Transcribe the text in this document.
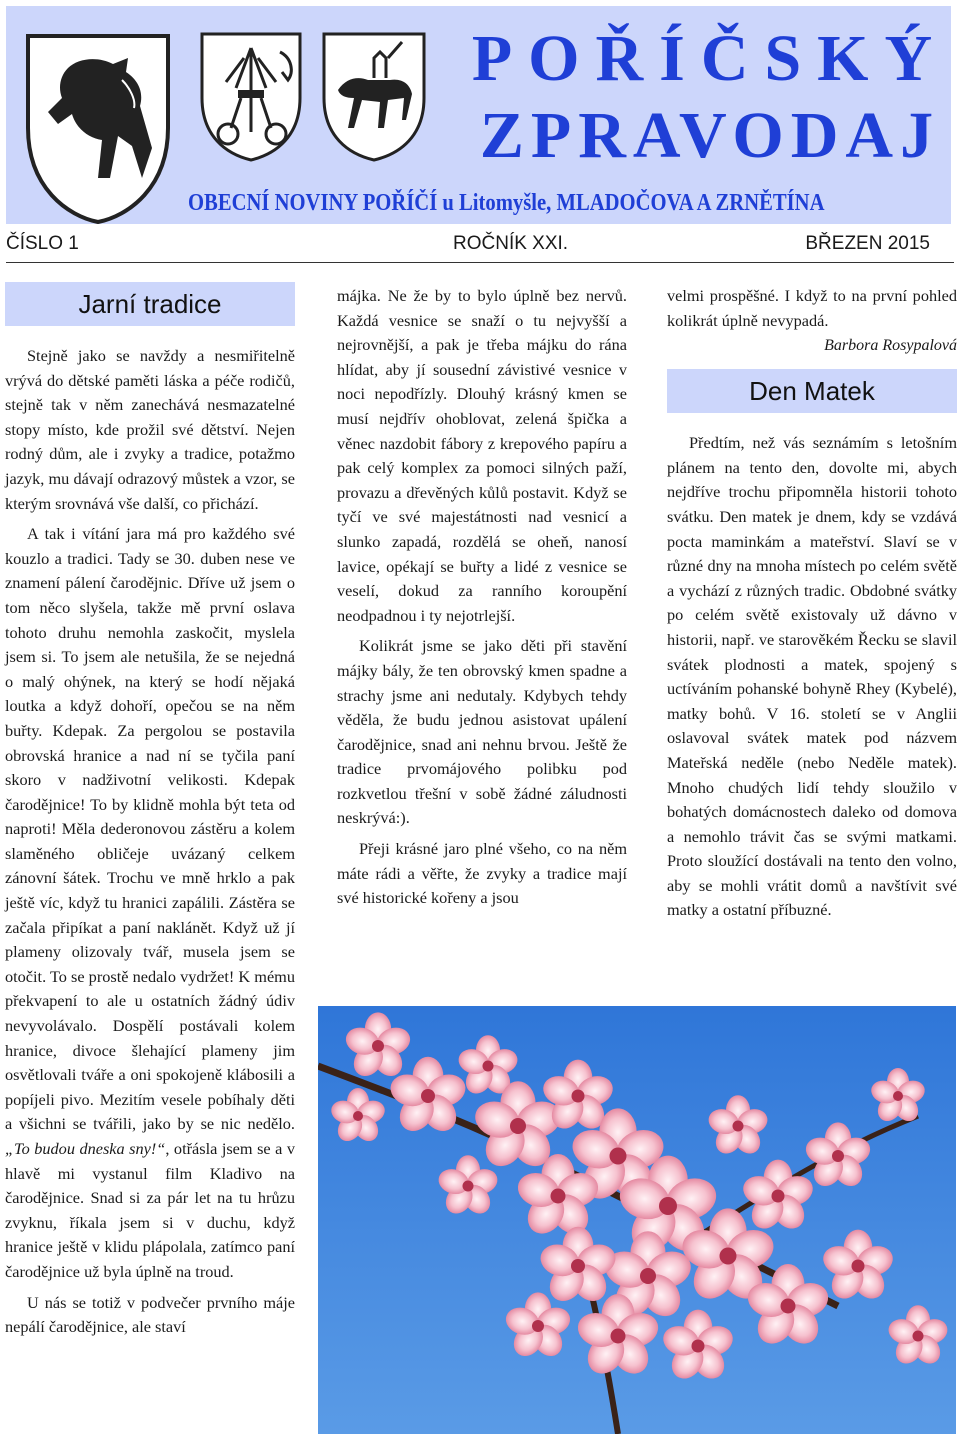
POŘÍČSKÝ
ZPRAVODAJ
OBECNÍ NOVINY POŘÍČÍ u Litomyšle, MLADOČOVA A ZRNĚTÍNA
ČÍSLO 1	ROČNÍK XXI.	BŘEZEN 2015
Jarní tradice

Stejně jako se navždy a nesmiřitelně vrývá do dětské paměti láska a péče rodičů, stejně tak v něm zanechává nesmazatelné stopy místo, kde prožil své dětství. Nejen rodný dům, ale i zvyky a tradice, potažmo jazyk, mu dávají odrazový můstek a vzor, se kterým srovnává vše další, co přichází.

A tak i vítání jara má pro každého své kouzlo a tradici. Tady se 30. duben nese ve znamení pálení čarodějnic. Dříve už jsem o tom něco slyšela, takže mě první oslava tohoto druhu nemohla zaskočit, myslela jsem si. To jsem ale netušila, že se nejedná o malý ohýnek, na který se hodí nějaká loutka a když dohoří, opečou se na něm buřty. Kdepak. Za pergolou se postavila obrovská hranice a nad ní se tyčila paní skoro v nadživotní velikosti. Kdepak čarodějnice! To by klidně mohla být teta od naproti! Měla dederonovou zástěru a kolem slaměného obličeje uvázaný celkem zánovní šátek. Trochu ve mně hrklo a pak ještě víc, když tu hranici zapálili. Zástěra se začala připíkat a paní naklánět. Když už jí plameny olizovaly tvář, musela jsem se otočit. To se prostě nedalo vydržet! K mému překvapení to ale u ostatních žádný údiv nevyvolávalo. Dospělí postávali kolem hranice, divoce šlehající plameny jim osvětlovali tváře a oni spokojeně klábosili a popíjeli pivo. Mezitím vesele pobíhaly děti a všichni se tvářili, jako by se nic nedělo. „To budou dneska sny!“, otřásla jsem se a v hlavě mi vystanul film Kladivo na čarodějnice. Snad si za pár let na tu hrůzu zvyknu, říkala jsem si v duchu, když hranice ještě v klidu plápolala, zatímco paní čarodějnice už byla úplně na troud.

U nás se totiž v podvečer prvního máje nepálí čarodějnice, ale staví

májka. Ne že by to bylo úplně bez nervů. Každá vesnice se snaží o tu nejvyšší a nejrovnější, a pak je třeba májku do rána hlídat, aby jí sousední závistivé vesnice v noci nepodřízly. Dlouhý krásný kmen se musí nejdřív ohoblovat, zelená špička a věnec nazdobit fábory z krepového papíru a pak celý komplex za pomoci silných paží, provazu a dřevěných kůlů postavit. Když se tyčí ve své majestátnosti nad vesnicí a slunko zapadá, rozdělá se oheň, nanosí lavice, opékají se buřty a lidé z vesnice se veselí, dokud za ranního koroupění neodpadnou i ty nejotrlejší.

Kolikrát jsme se jako děti při stavění májky bály, že ten obrovský kmen spadne a strachy jsme ani nedutaly. Kdybych tehdy věděla, že budu jednou asistovat upálení čarodějnice, snad ani nehnu brvou. Ještě že tradice prvomájového polibku pod rozkvetlou třešní v sobě žádné záludnosti neskrývá:).

Přeji krásné jaro plné všeho, co na něm máte rádi a věřte, že zvyky a tradice mají své historické kořeny a jsou

velmi prospěšné. I když to na první pohled kolikrát úplně nevypadá.

Barbora Rosypalová
Den Matek

Předtím, než vás seznámím s letošním plánem na tento den, dovolte mi, abych nejdříve trochu připomněla historii tohoto svátku. Den matek je dnem, kdy se vzdává pocta maminkám a mateřství. Slaví se v různé dny na mnoha místech po celém světě a vychází z různých tradic. Obdobné svátky po celém světě existovaly už dávno v historii, např. ve starověkém Řecku se slavil svátek plodnosti a matek, spojený s uctíváním pohanské bohyně Rhey (Kybelé), matky bohů. V 16. století se v Anglii oslavoval svátek matek pod názvem Mateřská neděle (nebo Neděle matek). Mnoho chudých lidí tehdy sloužilo v bohatých domácnostech daleko od domova a nemohlo trávit čas se svými matkami. Proto sloužící dostávali na tento den volno, aby se mohli vrátit domů a navštívit své matky a ostatní příbuzné.
